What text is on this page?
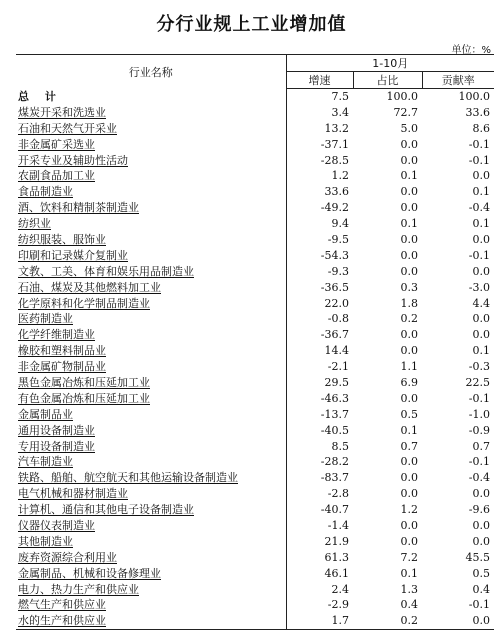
分行业规上工业增加值
单位：%
行业名称	1-10月		
	增速	占比	贡献率
总 计	7.5	100.0	100.0
煤炭开采和洗选业	3.4	72.7	33.6
石油和天然气开采业	13.2	5.0	8.6
非金属矿采选业	-37.1	0.0	-0.1
开采专业及辅助性活动	-28.5	0.0	-0.1
农副食品加工业	1.2	0.1	0.0
食品制造业	33.6	0.0	0.1
酒、饮料和精制茶制造业	-49.2	0.0	-0.4
纺织业	9.4	0.1	0.1
纺织服装、服饰业	-9.5	0.0	0.0
印刷和记录媒介复制业	-54.3	0.0	-0.1
文教、工美、体育和娱乐用品制造业	-9.3	0.0	0.0
石油、煤炭及其他燃料加工业	-36.5	0.3	-3.0
化学原料和化学制品制造业	22.0	1.8	4.4
医药制造业	-0.8	0.2	0.0
化学纤维制造业	-36.7	0.0	0.0
橡胶和塑料制品业	14.4	0.0	0.1
非金属矿物制品业	-2.1	1.1	-0.3
黑色金属冶炼和压延加工业	29.5	6.9	22.5
有色金属冶炼和压延加工业	-46.3	0.0	-0.1
金属制品业	-13.7	0.5	-1.0
通用设备制造业	-40.5	0.1	-0.9
专用设备制造业	8.5	0.7	0.7
汽车制造业	-28.2	0.0	-0.1
铁路、船舶、航空航天和其他运输设备制造业	-83.7	0.0	-0.4
电气机械和器材制造业	-2.8	0.0	0.0
计算机、通信和其他电子设备制造业	-40.7	1.2	-9.6
仪器仪表制造业	-1.4	0.0	0.0
其他制造业	21.9	0.0	0.0
废弃资源综合利用业	61.3	7.2	45.5
金属制品、机械和设备修理业	46.1	0.1	0.5
电力、热力生产和供应业	2.4	1.3	0.4
燃气生产和供应业	-2.9	0.4	-0.1
水的生产和供应业	1.7	0.2	0.0
